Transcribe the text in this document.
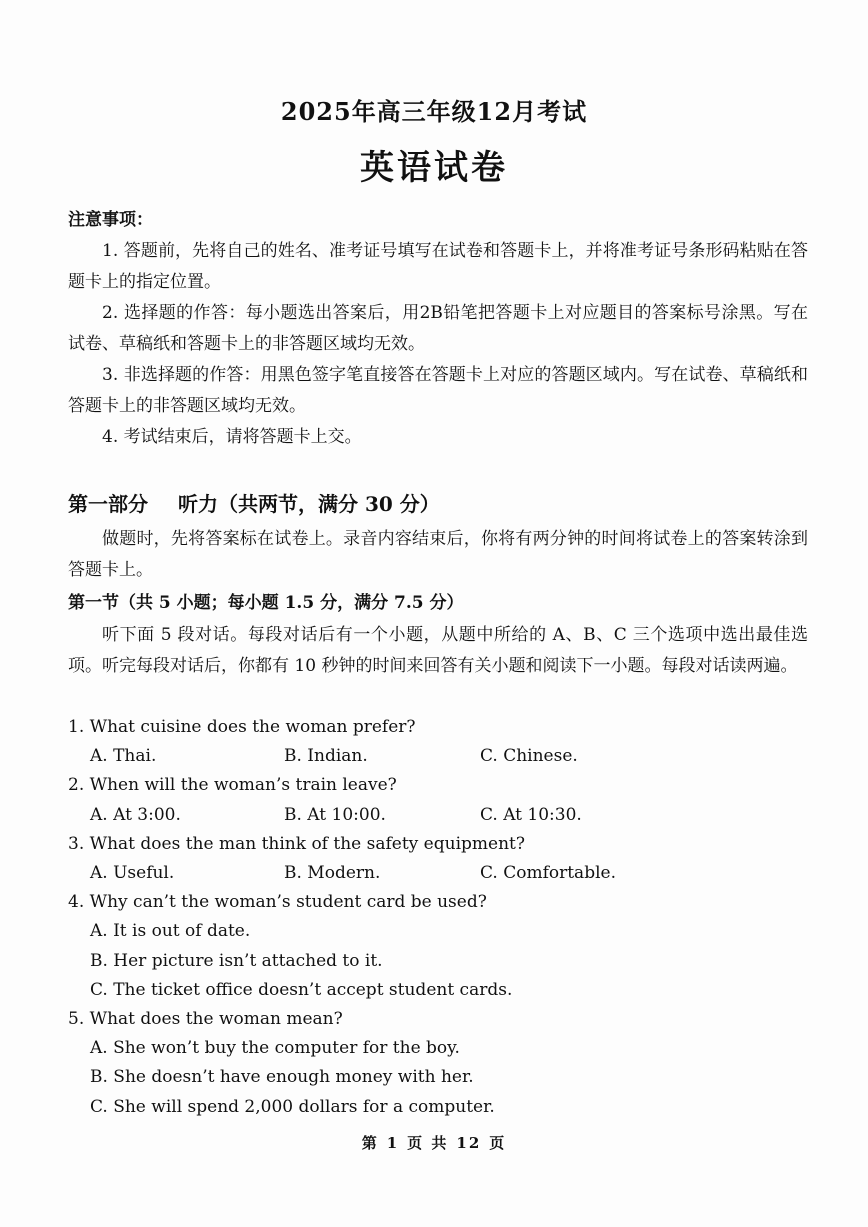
2025年高三年级12月考试
英语试卷
注意事项：

1. 答题前，先将自己的姓名、准考证号填写在试卷和答题卡上，并将准考证号条形码粘贴在答题卡上的指定位置。

2. 选择题的作答：每小题选出答案后，用2B铅笔把答题卡上对应题目的答案标号涂黑。写在试卷、草稿纸和答题卡上的非答题区域均无效。

3. 非选择题的作答：用黑色签字笔直接答在答题卡上对应的答题区域内。写在试卷、草稿纸和答题卡上的非答题区域均无效。

4. 考试结束后，请将答题卡上交。

第一部分 听力（共两节，满分 30 分）

做题时，先将答案标在试卷上。录音内容结束后，你将有两分钟的时间将试卷上的答案转涂到答题卡上。

第一节（共 5 小题；每小题 1.5 分，满分 7.5 分）

听下面 5 段对话。每段对话后有一个小题，从题中所给的 A、B、C 三个选项中选出最佳选项。听完每段对话后，你都有 10 秒钟的时间来回答有关小题和阅读下一小题。每段对话读两遍。

1. What cuisine does the woman prefer?

A. Thai.	B. Indian.	C. Chinese.

2. When will the woman’s train leave?

A. At 3:00.	B. At 10:00.	C. At 10:30.

3. What does the man think of the safety equipment?

A. Useful.	B. Modern.	C. Comfortable.

4. Why can’t the woman’s student card be used?

A. It is out of date.

B. Her picture isn’t attached to it.

C. The ticket office doesn’t accept student cards.

5. What does the woman mean?

A. She won’t buy the computer for the boy.

B. She doesn’t have enough money with her.

C. She will spend 2,000 dollars for a computer.

第 1 页 共 12 页
